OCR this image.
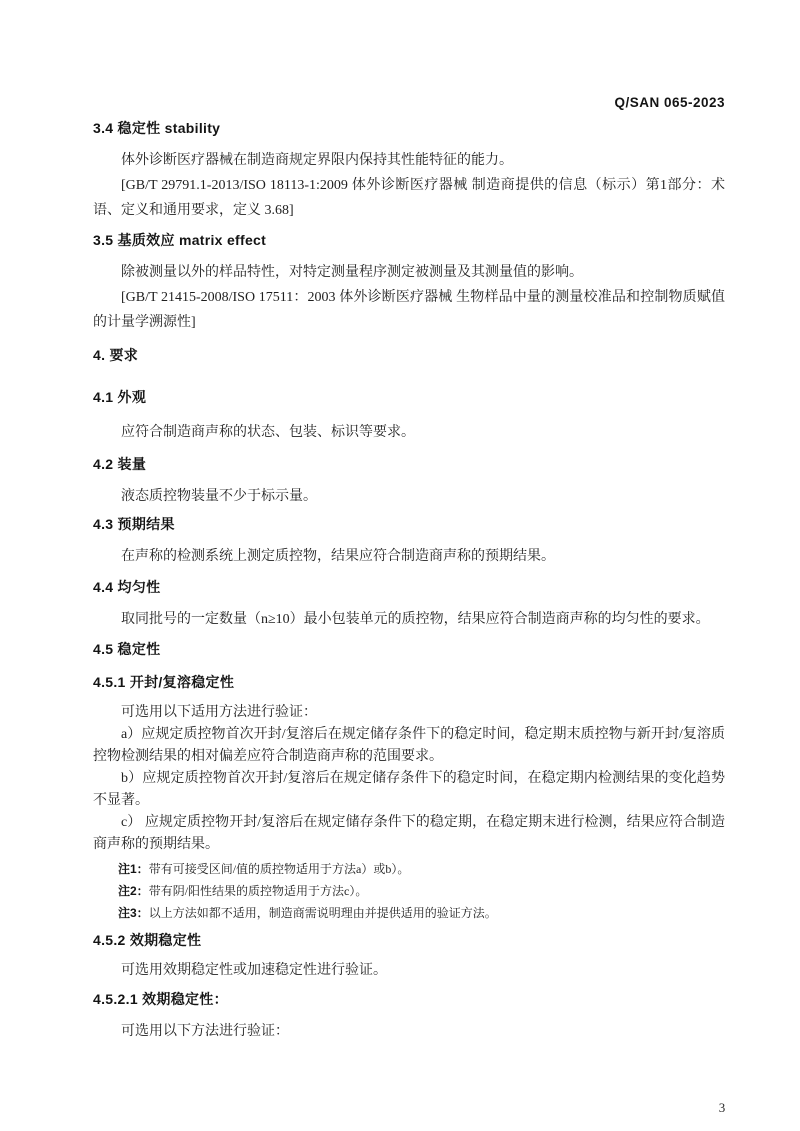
Q/SAN 065-2023
3.4 稳定性 stability

体外诊断医疗器械在制造商规定界限内保持其性能特征的能力。

[GB/T 29791.1-2013/ISO 18113-1:2009 体外诊断医疗器械 制造商提供的信息（标示）第1部分：术语、定义和通用要求，定义 3.68]

3.5 基质效应 matrix effect

除被测量以外的样品特性，对特定测量程序测定被测量及其测量值的影响。

[GB/T 21415-2008/ISO 17511：2003 体外诊断医疗器械 生物样品中量的测量校准品和控制物质赋值的计量学溯源性]

4. 要求
4.1 外观

应符合制造商声称的状态、包装、标识等要求。

4.2 装量

液态质控物装量不少于标示量。

4.3 预期结果

在声称的检测系统上测定质控物，结果应符合制造商声称的预期结果。

4.4 均匀性

取同批号的一定数量（n≥10）最小包装单元的质控物，结果应符合制造商声称的均匀性的要求。

4.5 稳定性
4.5.1 开封/复溶稳定性

可选用以下适用方法进行验证：

a）应规定质控物首次开封/复溶后在规定储存条件下的稳定时间，稳定期末质控物与新开封/复溶质控物检测结果的相对偏差应符合制造商声称的范围要求。

b）应规定质控物首次开封/复溶后在规定储存条件下的稳定时间，在稳定期内检测结果的变化趋势不显著。

c） 应规定质控物开封/复溶后在规定储存条件下的稳定期，在稳定期末进行检测，结果应符合制造商声称的预期结果。

注1：带有可接受区间/值的质控物适用于方法a）或b）。
注2：带有阴/阳性结果的质控物适用于方法c）。
注3：以上方法如都不适用，制造商需说明理由并提供适用的验证方法。
4.5.2 效期稳定性

可选用效期稳定性或加速稳定性进行验证。

4.5.2.1 效期稳定性：

可选用以下方法进行验证：

3
